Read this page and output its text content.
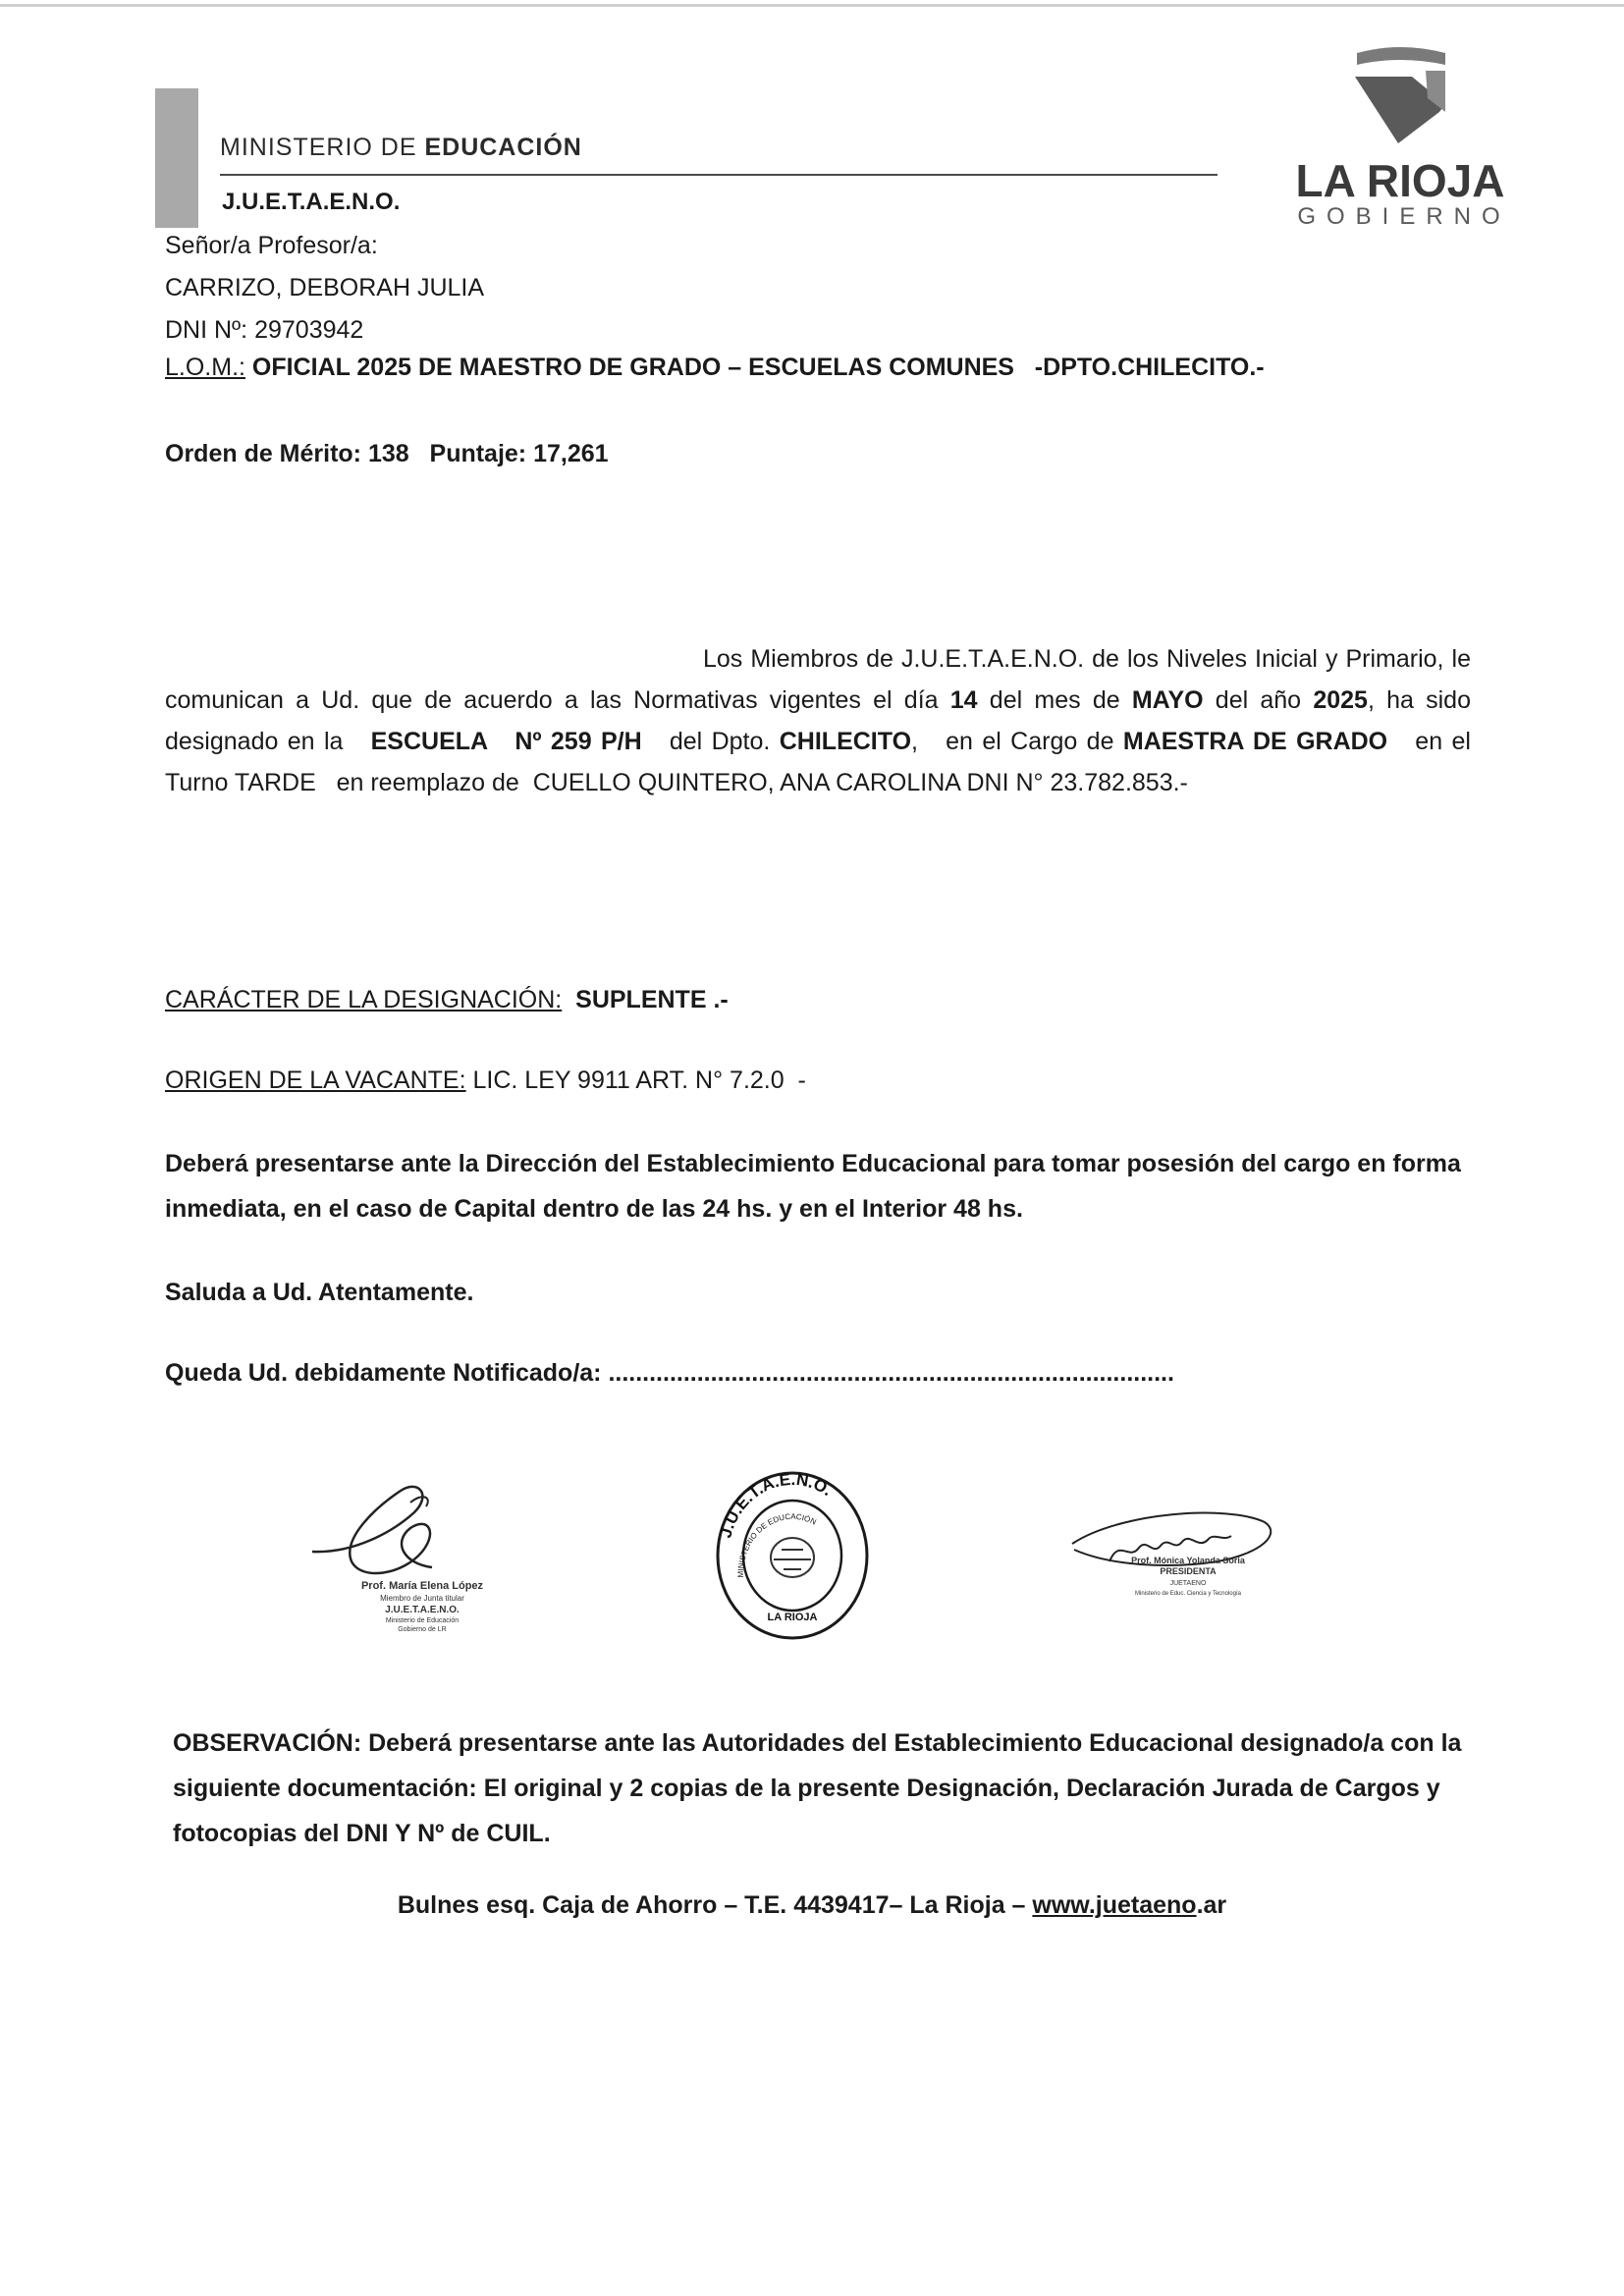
MINISTERIO DE EDUCACIÓN
J.U.E.T.A.E.N.O.	LA RIOJA
GOBIERNO
Señor/a Profesor/a:
CARRIZO, DEBORAH JULIA
DNI Nº: 29703942
L.O.M.: OFICIAL 2025 DE MAESTRO DE GRADO – ESCUELAS COMUNES   -DPTO.CHILECITO.-
Orden de Mérito: 138 Puntaje: 17,261
Los Miembros de J.U.E.T.A.E.N.O. de los Niveles Inicial y Primario, le comunican a Ud. que de acuerdo a las Normativas vigentes el día 14 del mes de MAYO del año 2025, ha sido designado en la   ESCUELA   Nº 259 P/H   del Dpto. CHILECITO,   en el Cargo de MAESTRA DE GRADO   en el Turno TARDE   en reemplazo de  CUELLO QUINTERO, ANA CAROLINA DNI N° 23.782.853.-
CARÁCTER DE LA DESIGNACIÓN: SUPLENTE .-
ORIGEN DE LA VACANTE: LIC. LEY 9911 ART. N° 7.2.0  -
Deberá presentarse ante la Dirección del Establecimiento Educacional para tomar posesión del cargo en forma inmediata, en el caso de Capital dentro de las 24 hs. y en el Interior 48 hs.
Saluda a Ud. Atentamente.
Queda Ud. debidamente Notificado/a: ...................................................................................
Prof. María Elena López
Miembro de Junta titular
J.U.E.T.A.E.N.O.
Ministerio de Educación
Gobierno de LR
J.U.E.T.A.E.N.O.
MINISTERIO DE EDUCACIÓN
LA RIOJA
Prof. Mónica Yolanda Soria
PRESIDENTA
JUETAENO
Ministerio de Educ. Ciencia y Tecnología
OBSERVACIÓN: Deberá presentarse ante las Autoridades del Establecimiento Educacional designado/a con la siguiente documentación: El original y 2 copias de la presente Designación, Declaración Jurada de Cargos y fotocopias del DNI Y Nº de CUIL.
Bulnes esq. Caja de Ahorro – T.E. 4439417– La Rioja – www.juetaeno.ar
